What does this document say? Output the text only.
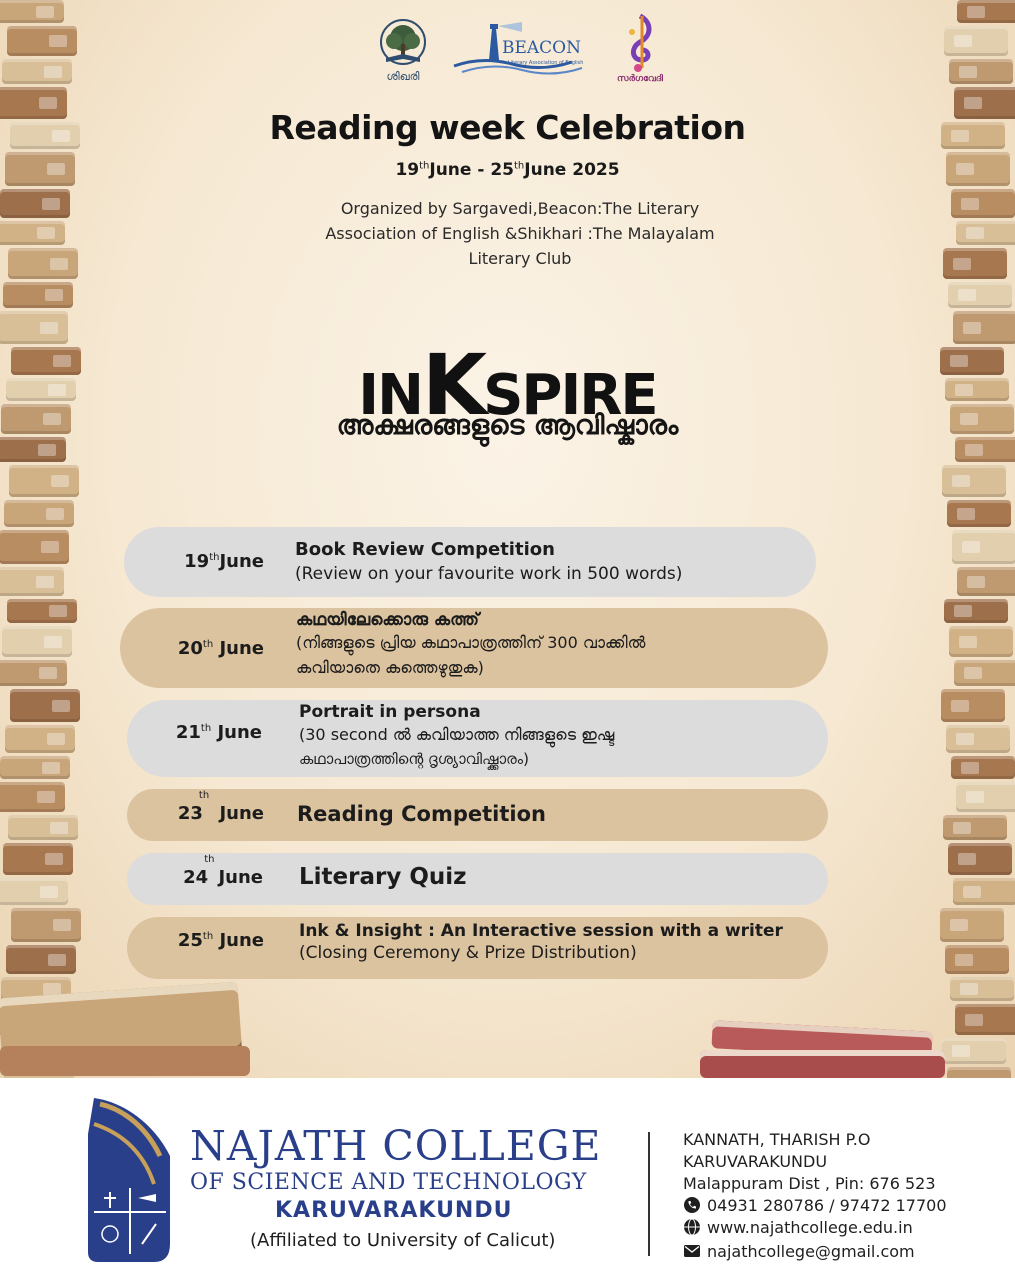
ശിഖരി
BEACON
Literary Association of English
സർഗവേദി
Reading week Celebration
19thJune - 25thJune 2025
Organized by Sargavedi,Beacon:The Literary Association of English &Shikhari :The Malayalam Literary Club
INKSPIRE
അക്ഷരങ്ങളുടെ ആവിഷ്കാരം
19thJune
Book Review Competition
(Review on your favourite work in 500 words)
20th June
കഥയിലേക്കൊരു കത്ത്
(നിങ്ങളുടെ പ്രിയ കഥാപാത്രത്തിന് 300 വാക്കിൽ
കവിയാതെ കത്തെഴുതുക)
21th June
Portrait in persona
(30 second ൽ കവിയാത്ത നിങ്ങളുടെ ഇഷ്ട
കഥാപാത്രത്തിന്റെ ദൃശ്യാവിഷ്ക്കാരം)
23th June Reading Competition
24thJune Literary Quiz
25th June Ink & Insight : An Interactive session with a writer
(Closing Ceremony & Prize Distribution)
NAJATH COLLEGE
OF SCIENCE AND TECHNOLOGY
KARUVARAKUNDU
(Affiliated to University of Calicut)
KANNATH, THARISH P.O
KARUVARAKUNDU
Malappuram Dist , Pin: 676 523
04931 280786 / 97472 17700
www.najathcollege.edu.in
najathcollege@gmail.com
